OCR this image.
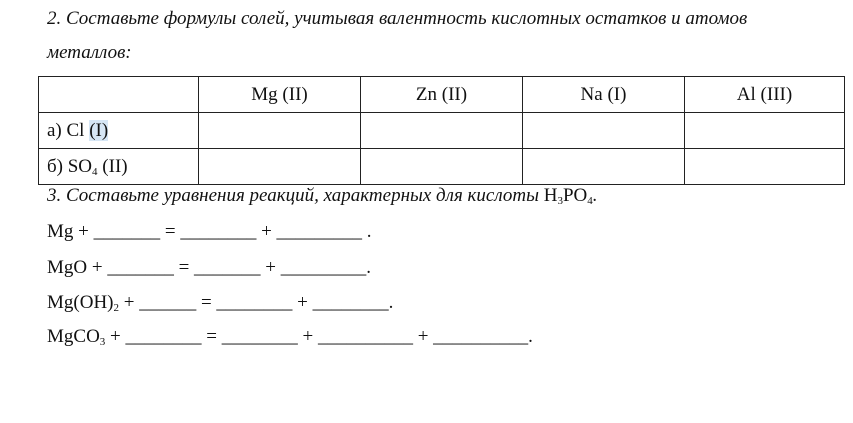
2. Составьте формулы солей, учитывая валентность кислотных остатков и атомов
металлов:
	Mg (II)	Zn (II)	Na (I)	Al (III)
а) Cl (I)				
б) $SO_4$ (II)				
3. Составьте уравнения реакций, характерных для кислоты $H_3PO_4$.
Mg + _______ = ________ + _________ .
MgO + _______ = _______ + _________.
$Mg(OH)_2$ + ______ = ________ + ________.
MgCO$_3$ + ________ = ________ + __________ + __________.
